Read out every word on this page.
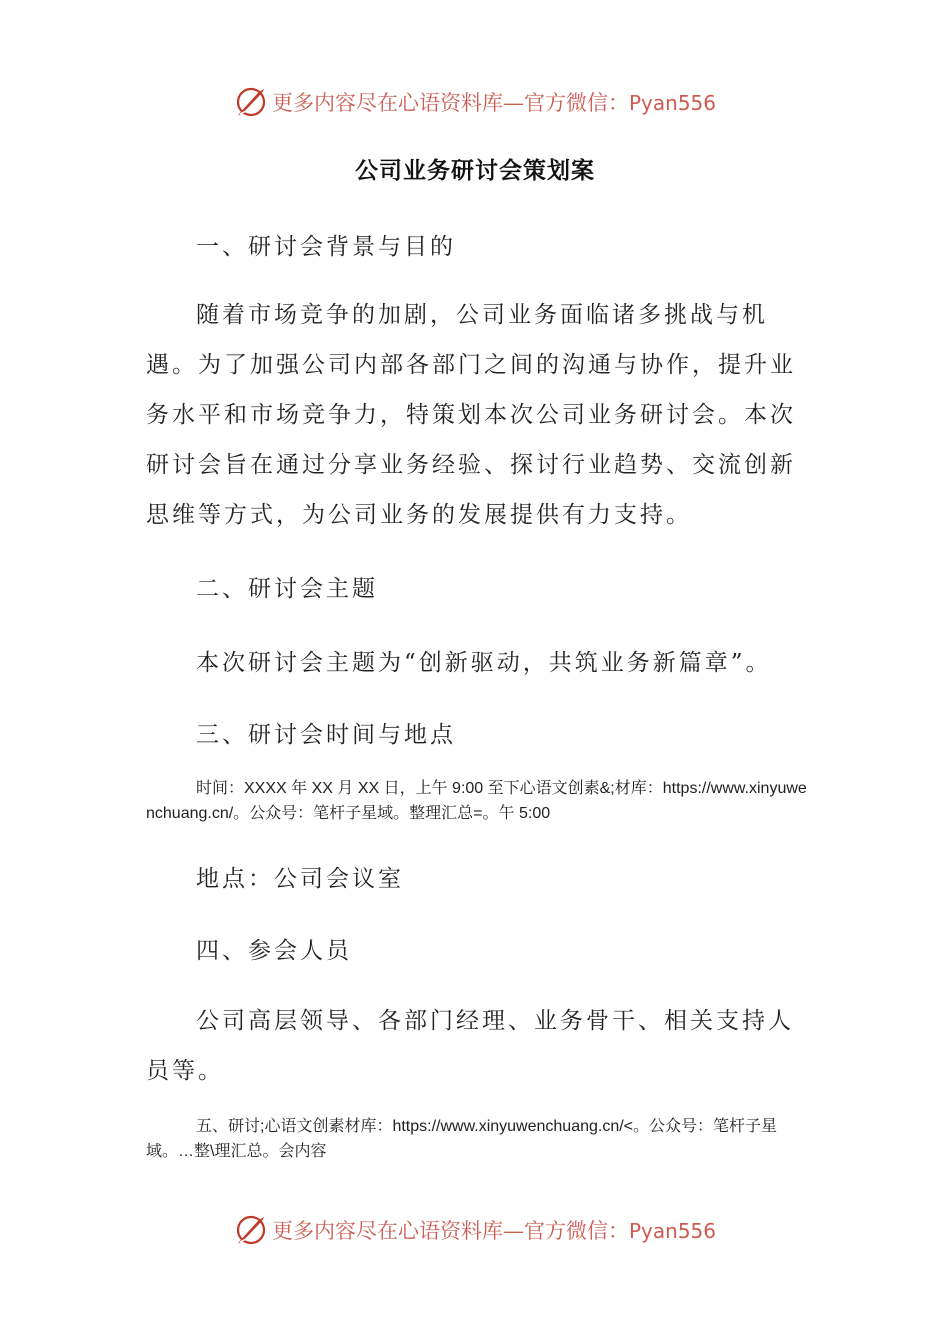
更多内容尽在心语资料库—官方微信：Pyan556
公司业务研讨会策划案
一、研讨会背景与目的
随着市场竞争的加剧，公司业务面临诸多挑战与机遇。为了加强公司内部各部门之间的沟通与协作，提升业务水平和市场竞争力，特策划本次公司业务研讨会。本次研讨会旨在通过分享业务经验、探讨行业趋势、交流创新思维等方式，为公司业务的发展提供有力支持。
二、研讨会主题
本次研讨会主题为“创新驱动，共筑业务新篇章”。
三、研讨会时间与地点
时间：XXXX 年 XX 月 XX 日，上午 9:00 至下心语文创素&;材库：https://www.xinyuwenchuang.cn/。公众号：笔杆子星域。整理汇总=。午 5:00
地点：公司会议室
四、参会人员
公司高层领导、各部门经理、业务骨干、相关支持人员等。
五、研讨;心语文创素材库：https://www.xinyuwenchuang.cn/<。公众号：笔杆子星域。…整\理汇总。会内容
更多内容尽在心语资料库—官方微信：Pyan556
